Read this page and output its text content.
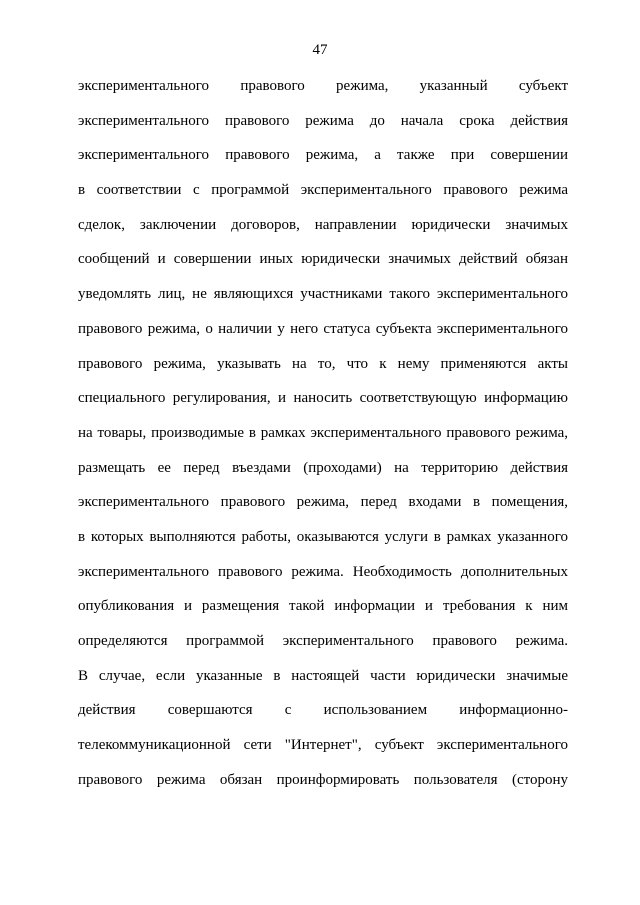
47
экспериментального правового режима, указанный субъект
экспериментального правового режима до начала срока действия
экспериментального правового режима, а также при совершении
в соответствии с программой экспериментального правового режима
сделок, заключении договоров, направлении юридически значимых
сообщений и совершении иных юридически значимых действий обязан
уведомлять лиц, не являющихся участниками такого экспериментального
правового режима, о наличии у него статуса субъекта экспериментального
правового режима, указывать на то, что к нему применяются акты
специального регулирования, и наносить соответствующую информацию
на товары, производимые в рамках экспериментального правового режима,
размещать ее перед въездами (проходами) на территорию действия
экспериментального правового режима, перед входами в помещения,
в которых выполняются работы, оказываются услуги в рамках указанного
экспериментального правового режима. Необходимость дополнительных
опубликования и размещения такой информации и требования к ним
определяются программой экспериментального правового режима.
В случае, если указанные в настоящей части юридически значимые
действия совершаются с использованием информационно-
телекоммуникационной сети "Интернет", субъект экспериментального
правового режима обязан проинформировать пользователя (сторону
